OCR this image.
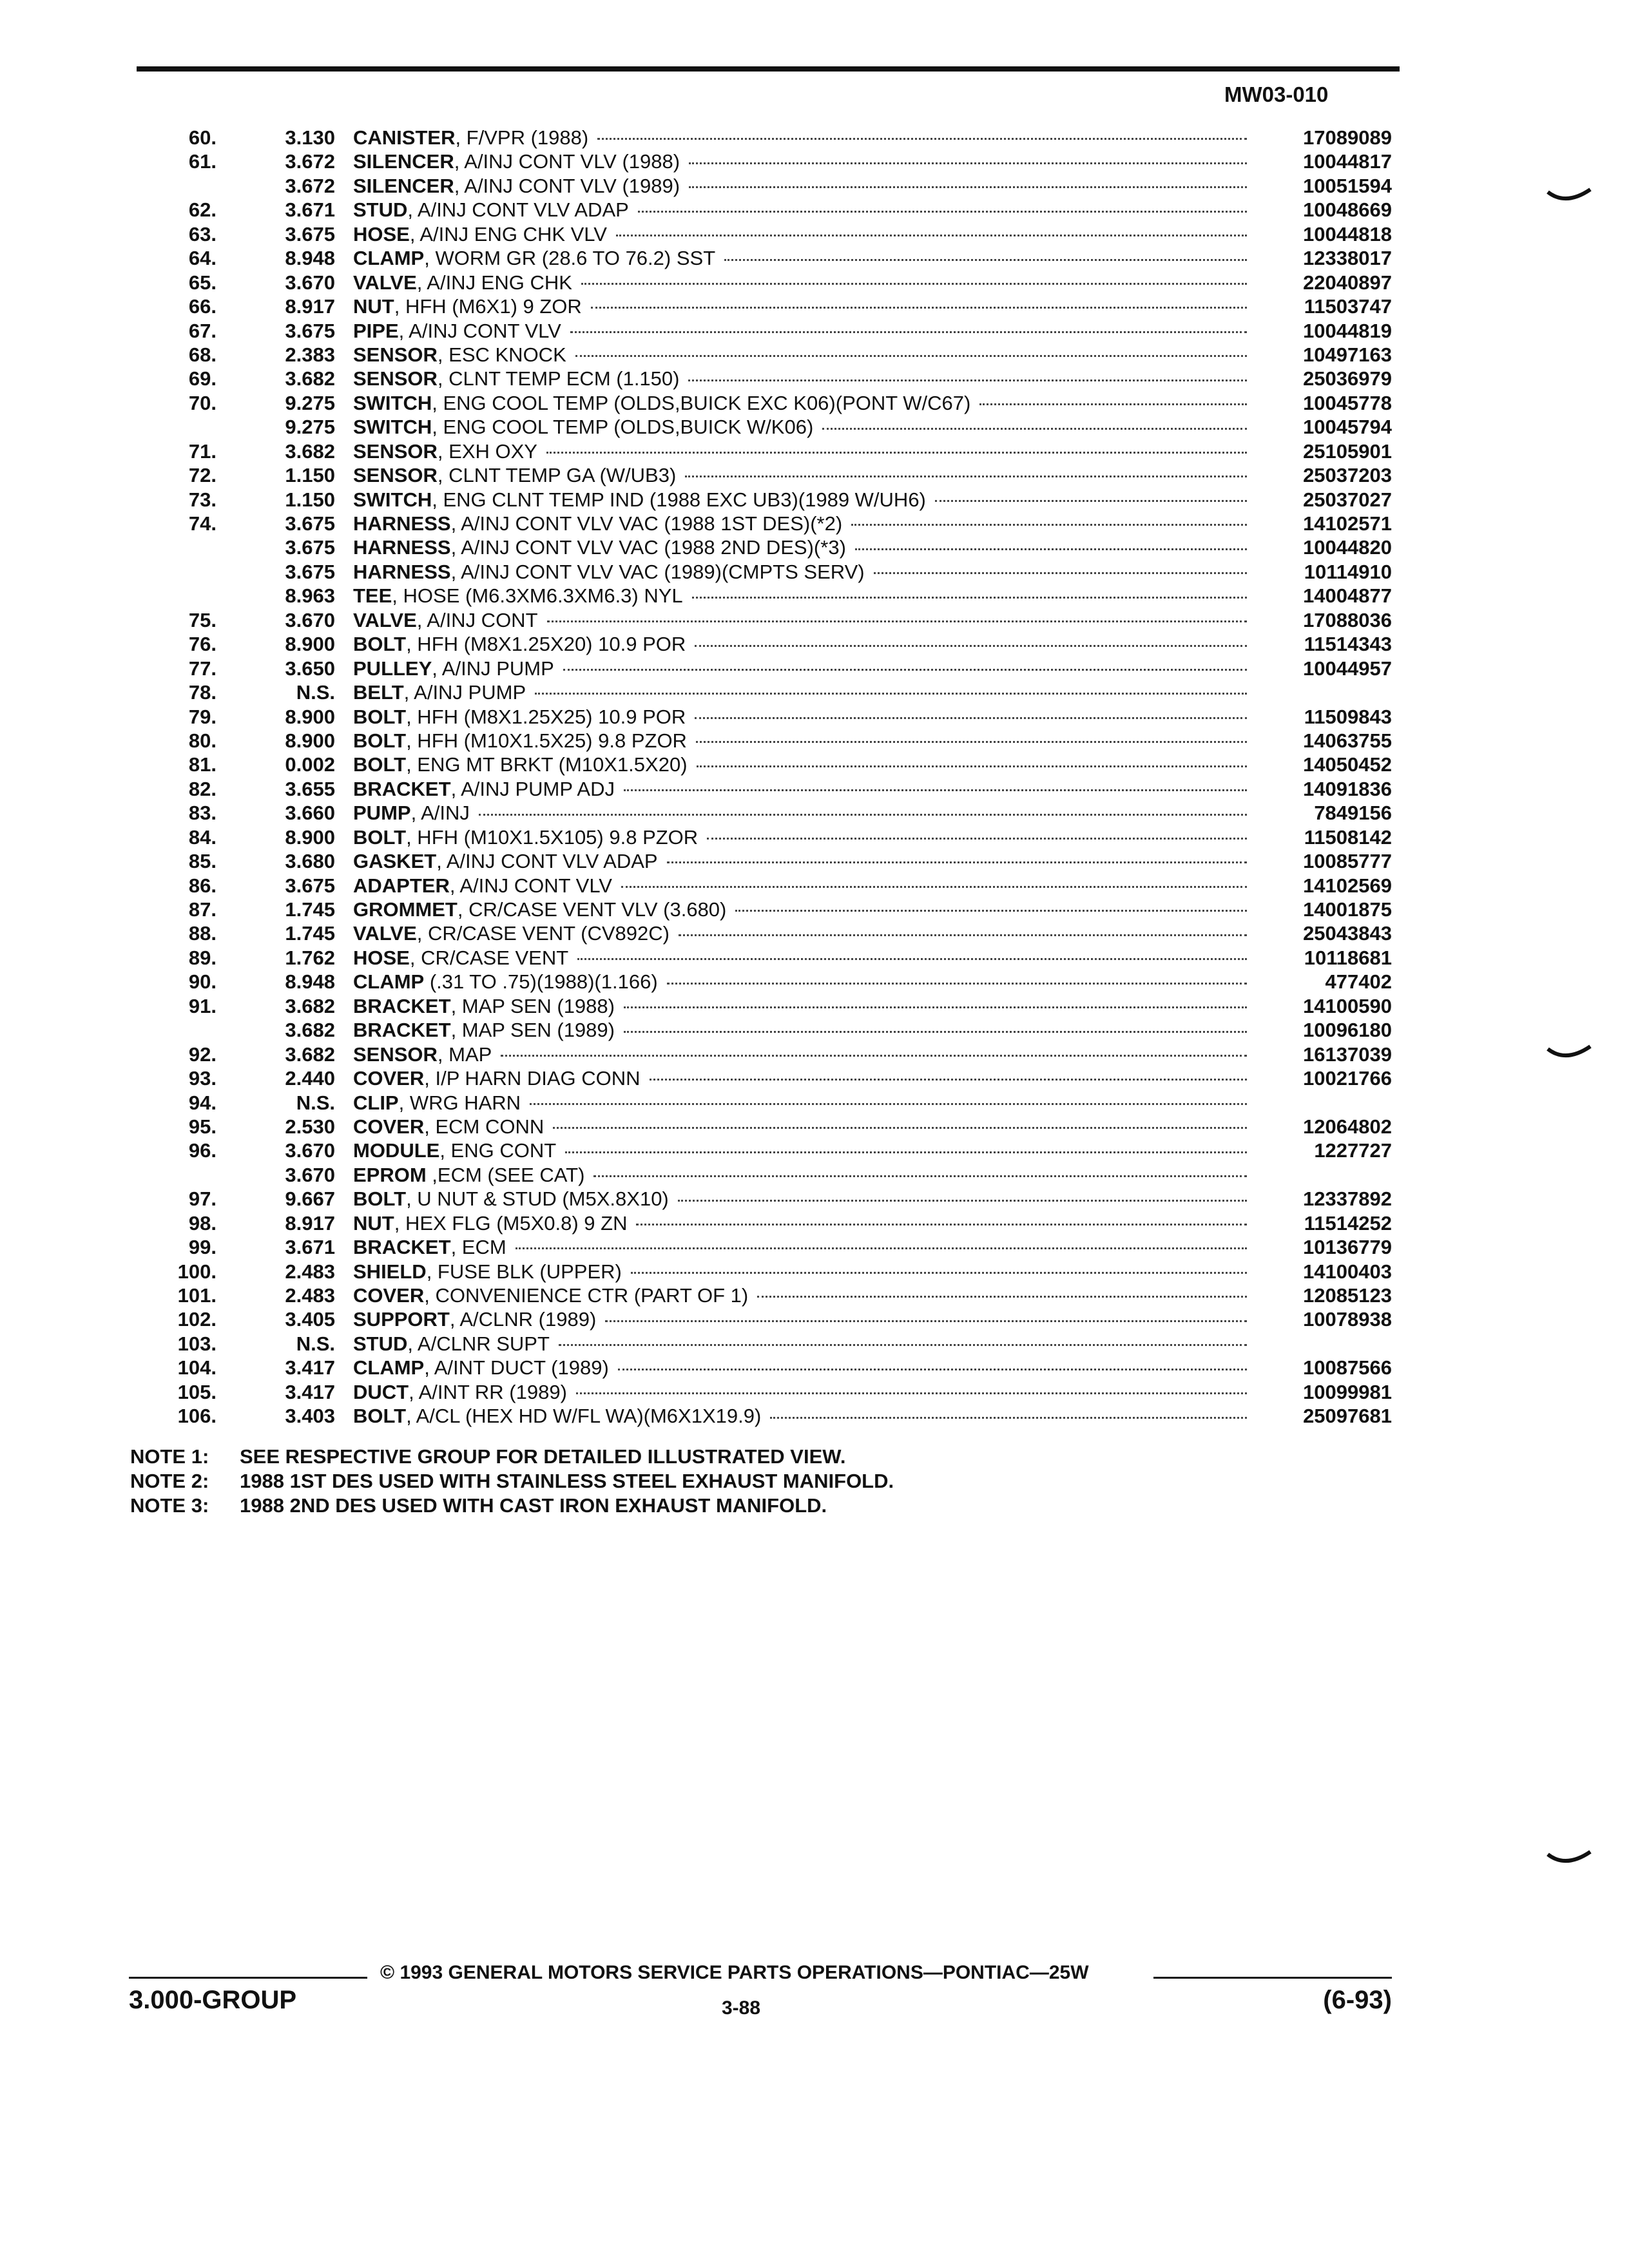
MW03-010
60.	3.130 CANISTER, F/VPR (1988)	17089089
61.	3.672 SILENCER, A/INJ CONT VLV (1988)	10044817
3.672 SILENCER, A/INJ CONT VLV (1989)	10051594
62.	3.671 STUD, A/INJ CONT VLV ADAP	10048669
63.	3.675 HOSE, A/INJ ENG CHK VLV	10044818
64.	8.948 CLAMP, WORM GR (28.6 TO 76.2) SST	12338017
65.	3.670 VALVE, A/INJ ENG CHK	22040897
66.	8.917 NUT, HFH (M6X1) 9 ZOR	11503747
67.	3.675 PIPE, A/INJ CONT VLV	10044819
68.	2.383 SENSOR, ESC KNOCK	10497163
69.	3.682 SENSOR, CLNT TEMP ECM (1.150)	25036979
70.	9.275 SWITCH, ENG COOL TEMP (OLDS,BUICK EXC K06)(PONT W/C67)	10045778
9.275 SWITCH, ENG COOL TEMP (OLDS,BUICK W/K06)	10045794
71.	3.682 SENSOR, EXH OXY	25105901
72.	1.150 SENSOR, CLNT TEMP GA (W/UB3)	25037203
73.	1.150 SWITCH, ENG CLNT TEMP IND (1988 EXC UB3)(1989 W/UH6)	25037027
74.	3.675 HARNESS, A/INJ CONT VLV VAC (1988 1ST DES)(*2)	14102571
3.675 HARNESS, A/INJ CONT VLV VAC (1988 2ND DES)(*3)	10044820
3.675 HARNESS, A/INJ CONT VLV VAC (1989)(CMPTS SERV)	10114910
8.963 TEE, HOSE (M6.3XM6.3XM6.3) NYL	14004877
75.	3.670 VALVE, A/INJ CONT	17088036
76.	8.900 BOLT, HFH (M8X1.25X20) 10.9 POR	11514343
77.	3.650 PULLEY, A/INJ PUMP	10044957
78.	N.S. BELT, A/INJ PUMP
79.	8.900 BOLT, HFH (M8X1.25X25) 10.9 POR	11509843
80.	8.900 BOLT, HFH (M10X1.5X25) 9.8 PZOR	14063755
81.	0.002 BOLT, ENG MT BRKT (M10X1.5X20)	14050452
82.	3.655 BRACKET, A/INJ PUMP ADJ	14091836
83.	3.660 PUMP, A/INJ	7849156
84.	8.900 BOLT, HFH (M10X1.5X105) 9.8 PZOR	11508142
85.	3.680 GASKET, A/INJ CONT VLV ADAP	10085777
86.	3.675 ADAPTER, A/INJ CONT VLV	14102569
87.	1.745 GROMMET, CR/CASE VENT VLV (3.680)	14001875
88.	1.745 VALVE, CR/CASE VENT (CV892C)	25043843
89.	1.762 HOSE, CR/CASE VENT	10118681
90.	8.948 CLAMP (.31 TO .75)(1988)(1.166)	477402
91.	3.682 BRACKET, MAP SEN (1988)	14100590
3.682 BRACKET, MAP SEN (1989)	10096180
92.	3.682 SENSOR, MAP	16137039
93.	2.440 COVER, I/P HARN DIAG CONN	10021766
94.	N.S. CLIP, WRG HARN
95.	2.530 COVER, ECM CONN	12064802
96.	3.670 MODULE, ENG CONT	1227727
3.670 EPROM ,ECM (SEE CAT)
97.	9.667 BOLT, U NUT & STUD (M5X.8X10)	12337892
98.	8.917 NUT, HEX FLG (M5X0.8) 9 ZN	11514252
99.	3.671 BRACKET, ECM	10136779
100.	2.483 SHIELD, FUSE BLK (UPPER)	14100403
101.	2.483 COVER, CONVENIENCE CTR (PART OF 1)	12085123
102.	3.405 SUPPORT, A/CLNR (1989)	10078938
103.	N.S. STUD, A/CLNR SUPT
104.	3.417 CLAMP, A/INT DUCT (1989)	10087566
105.	3.417 DUCT, A/INT RR (1989)	10099981
106.	3.403 BOLT, A/CL (HEX HD W/FL WA)(M6X1X19.9)	25097681
NOTE 1: SEE RESPECTIVE GROUP FOR DETAILED ILLUSTRATED VIEW.
NOTE 2: 1988 1ST DES USED WITH STAINLESS STEEL EXHAUST MANIFOLD.
NOTE 3: 1988 2ND DES USED WITH CAST IRON EXHAUST MANIFOLD.
© 1993 GENERAL MOTORS SERVICE PARTS OPERATIONS—PONTIAC—25W
3.000-GROUP	3-88	(6-93)
